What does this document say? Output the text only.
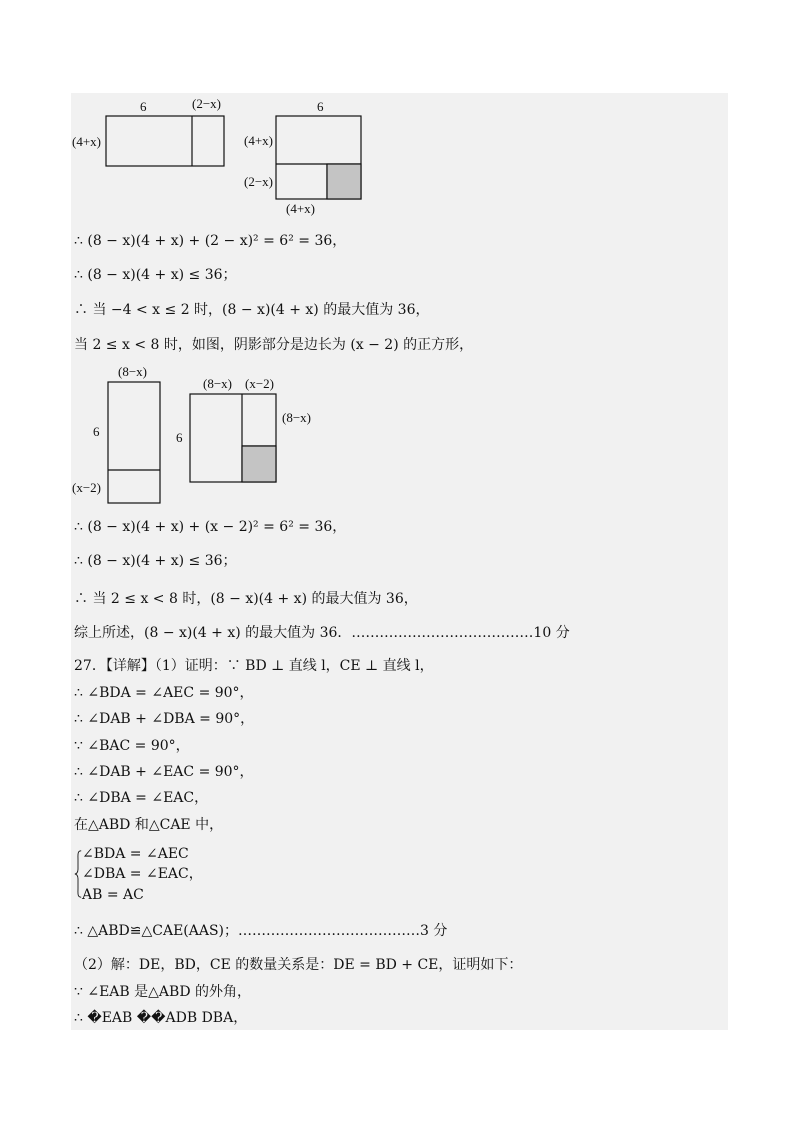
6	(2−x)
(4+x)
6
(4+x)
(2−x)
(4+x)
(8−x)
6
(x−2)
(8−x) (x−2)
6
(8−x)
∴ (8 − x)(4 + x) + (2 − x)² = 6² = 36，
∴ (8 − x)(4 + x) ≤ 36；
∴ 当 −4 < x ≤ 2 时，(8 − x)(4 + x) 的最大值为 36，
当 2 ≤ x < 8 时，如图，阴影部分是边长为 (x − 2) 的正方形，
∴ (8 − x)(4 + x) + (x − 2)² = 6² = 36，
∴ (8 − x)(4 + x) ≤ 36；
∴ 当 2 ≤ x < 8 时，(8 − x)(4 + x) 的最大值为 36，
综上所述，(8 − x)(4 + x) 的最大值为 36．…………………………………10 分
27．【详解】（1）证明：∵ BD ⊥ 直线 l，CE ⊥ 直线 l，
∴ ∠BDA = ∠AEC = 90°，
∴ ∠DAB + ∠DBA = 90°，
∵ ∠BAC = 90°，
∴ ∠DAB + ∠EAC = 90°，
∴ ∠DBA = ∠EAC，
在△ABD 和△CAE 中，
∠BDA = ∠AEC
∠DBA = ∠EAC，
AB = AC
∴ △ABD≌△CAE(AAS)；…………………………………3 分
（2）解：DE，BD，CE 的数量关系是：DE = BD + CE，证明如下：
∵ ∠EAB 是△ABD 的外角，
∴ �EAB ��ADB DBA，
